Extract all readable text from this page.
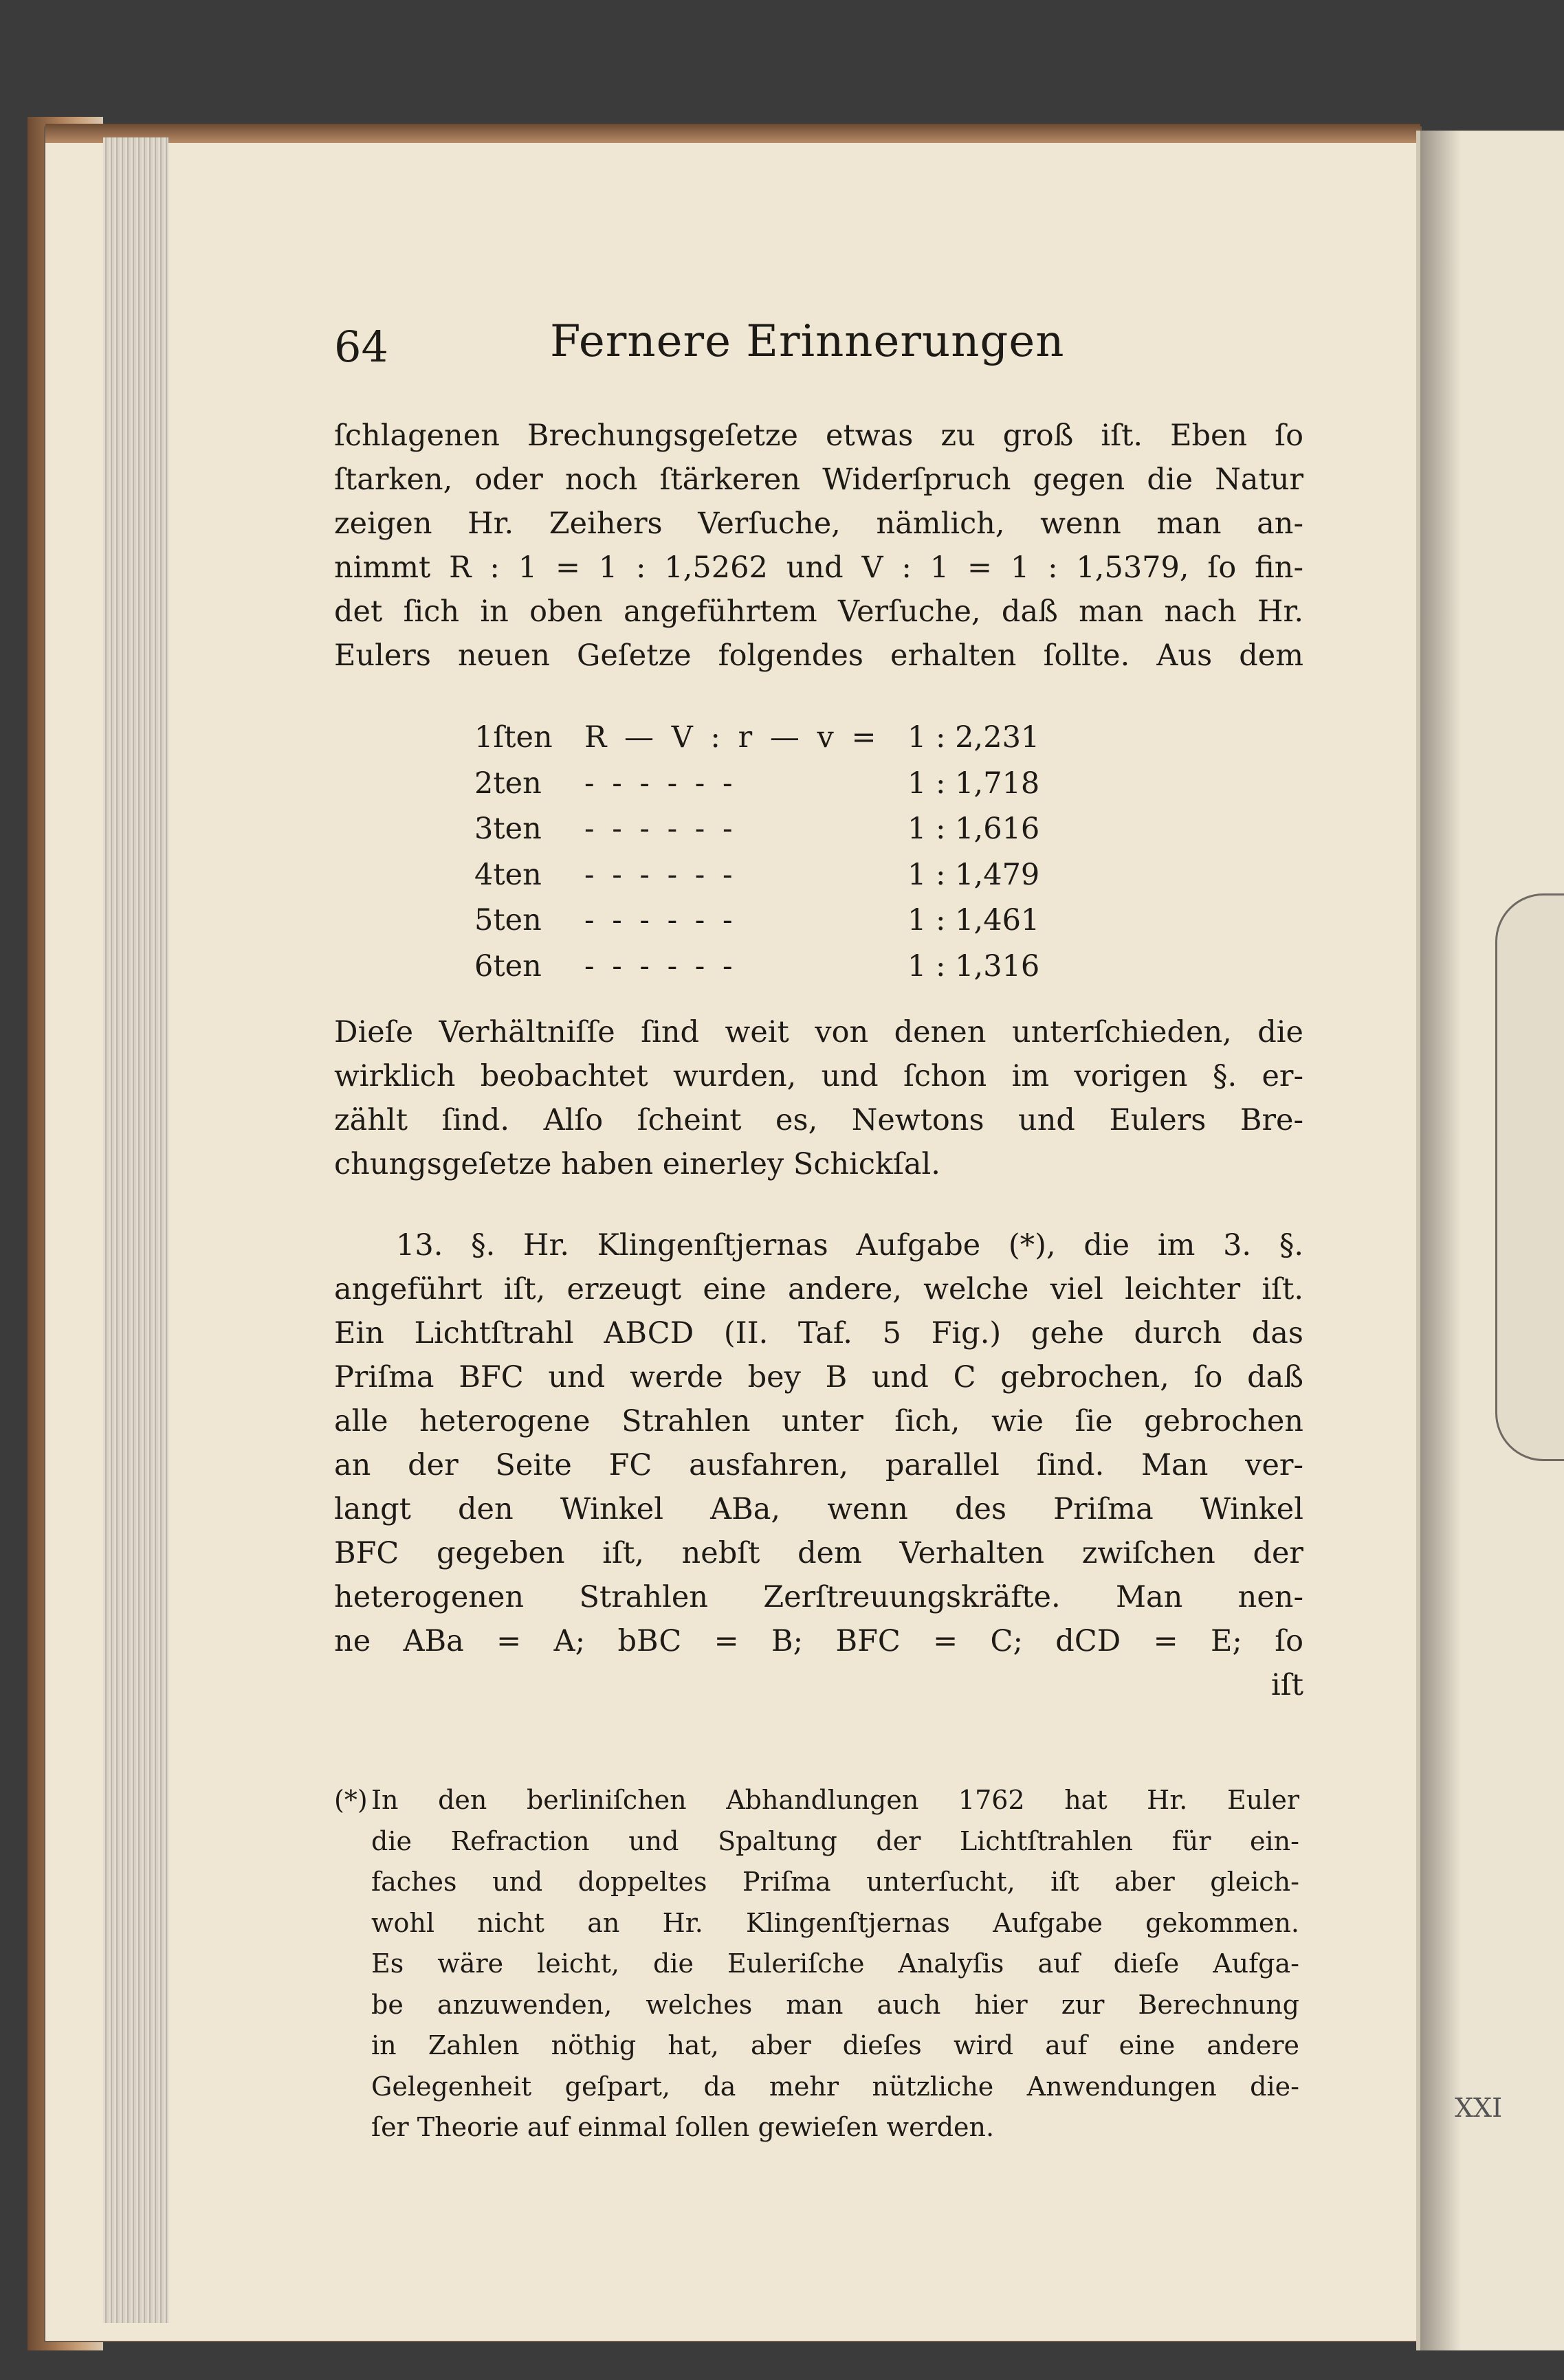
XXI
64	Fernere Erinnerungen
ſchlagenen Brechungsgeſetze etwas zu groß iſt. Eben ſo
ſtarken, oder noch ſtärkeren Widerſpruch gegen die Natur
zeigen Hr. Zeihers Verſuche, nämlich, wenn man an-
nimmt R : 1 = 1 : 1,5262 und V : 1 = 1 : 1,5379, ſo fin-
det ſich in oben angeführtem Verſuche, daß man nach Hr.
Eulers neuen Geſetze folgendes erhalten ſollte. Aus dem
1ſten	R — V : r — v = 1 : 2,231
2ten	- - - - - -	1 : 1,718
3ten	- - - - - -	1 : 1,616
4ten	- - - - - -	1 : 1,479
5ten	- - - - - -	1 : 1,461
6ten	- - - - - -	1 : 1,316
Dieſe Verhältniſſe ſind weit von denen unterſchieden, die
wirklich beobachtet wurden, und ſchon im vorigen §. er-
zählt ſind. Alſo ſcheint es, Newtons und Eulers Bre-
chungsgeſetze haben einerley Schickſal.
13. §. Hr. Klingenſtjernas Aufgabe (*), die im 3. §.
angeführt iſt, erzeugt eine andere, welche viel leichter iſt.
Ein Lichtſtrahl ABCD (II. Taf. 5 Fig.) gehe durch das
Priſma BFC und werde bey B und C gebrochen, ſo daß
alle heterogene Strahlen unter ſich, wie ſie gebrochen
an der Seite FC ausfahren, parallel ſind. Man ver-
langt den Winkel ABa, wenn des Priſma Winkel
BFC gegeben iſt, nebſt dem Verhalten zwiſchen der
heterogenen Strahlen Zerſtreuungskräfte. Man nen-
ne ABa = A; bBC = B; BFC = C; dCD = E; ſo
iſt
(*) In den berliniſchen Abhandlungen 1762 hat Hr. Euler
die Refraction und Spaltung der Lichtſtrahlen für ein-
faches und doppeltes Priſma unterſucht, iſt aber gleich-
wohl nicht an Hr. Klingenſtjernas Aufgabe gekommen.
Es wäre leicht, die Euleriſche Analyſis auf dieſe Aufga-
be anzuwenden, welches man auch hier zur Berechnung
in Zahlen nöthig hat, aber dieſes wird auf eine andere
Gelegenheit geſpart, da mehr nützliche Anwendungen die-
ſer Theorie auf einmal ſollen gewieſen werden.
